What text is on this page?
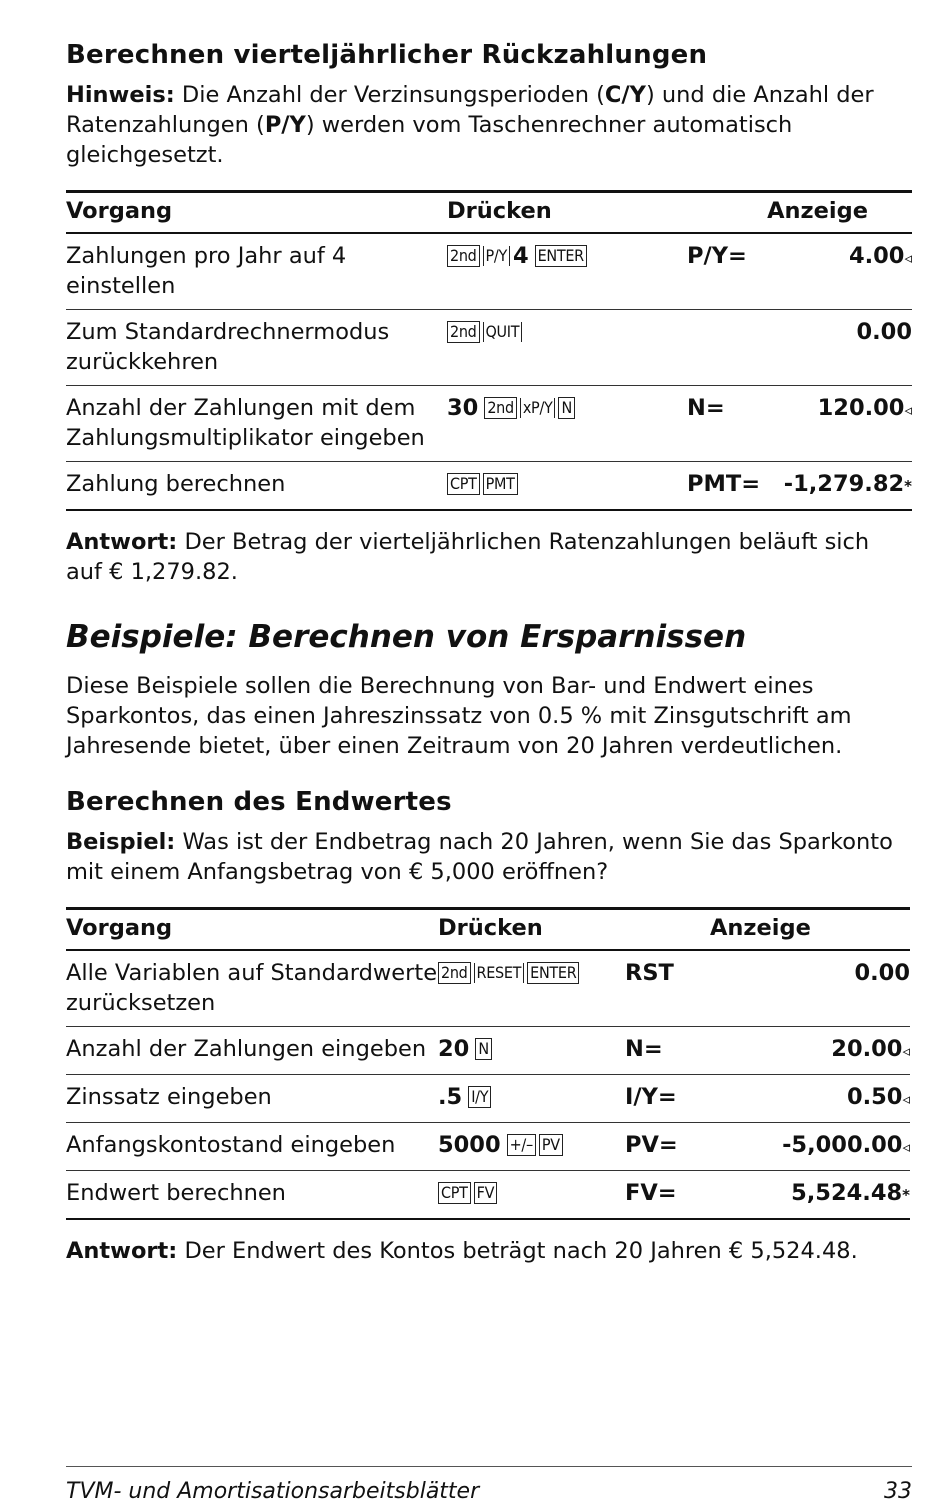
Berechnen vierteljährlicher Rückzahlungen

Hinweis: Die Anzahl der Verzinsungsperioden (C/Y) und die Anzahl der Ratenzahlungen (P/Y) werden vom Taschenrechner automatisch gleichgesetzt.

Vorgang	Drücken	Anzeige	
Zahlungen pro Jahr auf 4 einstellen	2nd P/Y 4 ENTER	P/Y=	4.00◃
Zum Standardrechnermodus zurückkehren	2nd QUIT		0.00
Anzahl der Zahlungen mit dem Zahlungsmultiplikator eingeben	30 2nd xP/Y N	N=	120.00◃
Zahlung berechnen	CPT PMT	PMT=	-1,279.82*

Antwort: Der Betrag der vierteljährlichen Ratenzahlungen beläuft sich auf € 1,279.82.

Beispiele: Berechnen von Ersparnissen

Diese Beispiele sollen die Berechnung von Bar- und Endwert eines Sparkontos, das einen Jahreszinssatz von 0.5 % mit Zinsgutschrift am Jahresende bietet, über einen Zeitraum von 20 Jahren verdeutlichen.

Berechnen des Endwertes

Beispiel: Was ist der Endbetrag nach 20 Jahren, wenn Sie das Sparkonto mit einem Anfangsbetrag von € 5,000 eröffnen?

Vorgang	Drücken	Anzeige	
Alle Variablen auf Standardwerte zurücksetzen	2nd RESET ENTER	RST	0.00
Anzahl der Zahlungen eingeben	20 N	N=	20.00◃
Zinssatz eingeben	.5 I/Y	I/Y=	0.50◃
Anfangskontostand eingeben	5000 +/– PV	PV=	-5,000.00◃
Endwert berechnen	CPT FV	FV=	5,524.48*

Antwort: Der Endwert des Kontos beträgt nach 20 Jahren € 5,524.48.

TVM- und Amortisationsarbeitsblätter	33
